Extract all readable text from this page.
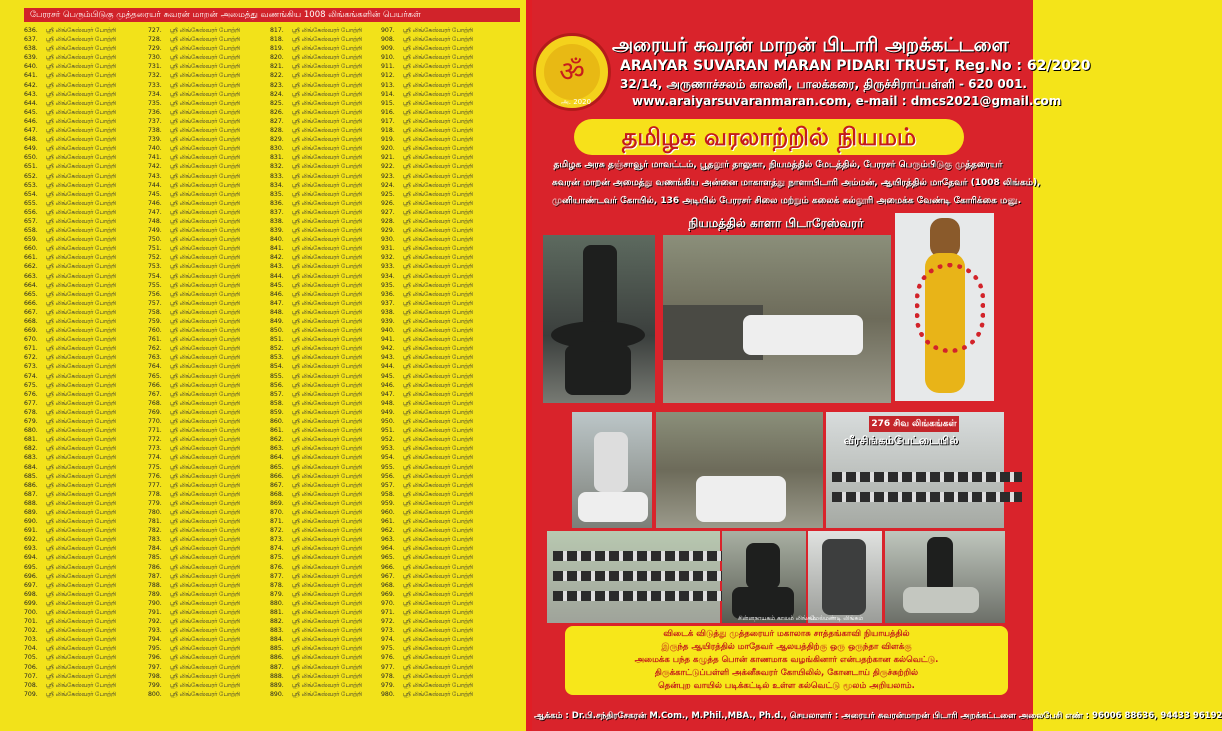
பேரரசர் பெரும்பிடுகு முத்தரையர் சுவரன் மாறன் அமைத்து வணங்கிய 1008 லிங்கங்களின் பெயர்கள்
636. ஸ்ரீ லிங்கேஸ்வரர் போற்றி
637. ஸ்ரீ லிங்கேஸ்வரர் போற்றி
638. ஸ்ரீ லிங்கேஸ்வரர் போற்றி
639. ஸ்ரீ லிங்கேஸ்வரர் போற்றி
640. ஸ்ரீ லிங்கேஸ்வரர் போற்றி
641. ஸ்ரீ லிங்கேஸ்வரர் போற்றி
642. ஸ்ரீ லிங்கேஸ்வரர் போற்றி
643. ஸ்ரீ லிங்கேஸ்வரர் போற்றி
644. ஸ்ரீ லிங்கேஸ்வரர் போற்றி
645. ஸ்ரீ லிங்கேஸ்வரர் போற்றி
646. ஸ்ரீ லிங்கேஸ்வரர் போற்றி
647. ஸ்ரீ லிங்கேஸ்வரர் போற்றி
648. ஸ்ரீ லிங்கேஸ்வரர் போற்றி
649. ஸ்ரீ லிங்கேஸ்வரர் போற்றி
650. ஸ்ரீ லிங்கேஸ்வரர் போற்றி
651. ஸ்ரீ லிங்கேஸ்வரர் போற்றி
652. ஸ்ரீ லிங்கேஸ்வரர் போற்றி
653. ஸ்ரீ லிங்கேஸ்வரர் போற்றி
654. ஸ்ரீ லிங்கேஸ்வரர் போற்றி
655. ஸ்ரீ லிங்கேஸ்வரர் போற்றி
656. ஸ்ரீ லிங்கேஸ்வரர் போற்றி
657. ஸ்ரீ லிங்கேஸ்வரர் போற்றி
658. ஸ்ரீ லிங்கேஸ்வரர் போற்றி
659. ஸ்ரீ லிங்கேஸ்வரர் போற்றி
660. ஸ்ரீ லிங்கேஸ்வரர் போற்றி
661. ஸ்ரீ லிங்கேஸ்வரர் போற்றி
662. ஸ்ரீ லிங்கேஸ்வரர் போற்றி
663. ஸ்ரீ லிங்கேஸ்வரர் போற்றி
664. ஸ்ரீ லிங்கேஸ்வரர் போற்றி
665. ஸ்ரீ லிங்கேஸ்வரர் போற்றி
666. ஸ்ரீ லிங்கேஸ்வரர் போற்றி
667. ஸ்ரீ லிங்கேஸ்வரர் போற்றி
668. ஸ்ரீ லிங்கேஸ்வரர் போற்றி
669. ஸ்ரீ லிங்கேஸ்வரர் போற்றி
670. ஸ்ரீ லிங்கேஸ்வரர் போற்றி
671. ஸ்ரீ லிங்கேஸ்வரர் போற்றி
672. ஸ்ரீ லிங்கேஸ்வரர் போற்றி
673. ஸ்ரீ லிங்கேஸ்வரர் போற்றி
674. ஸ்ரீ லிங்கேஸ்வரர் போற்றி
675. ஸ்ரீ லிங்கேஸ்வரர் போற்றி
676. ஸ்ரீ லிங்கேஸ்வரர் போற்றி
677. ஸ்ரீ லிங்கேஸ்வரர் போற்றி
678. ஸ்ரீ லிங்கேஸ்வரர் போற்றி
679. ஸ்ரீ லிங்கேஸ்வரர் போற்றி
680. ஸ்ரீ லிங்கேஸ்வரர் போற்றி
681. ஸ்ரீ லிங்கேஸ்வரர் போற்றி
682. ஸ்ரீ லிங்கேஸ்வரர் போற்றி
683. ஸ்ரீ லிங்கேஸ்வரர் போற்றி
684. ஸ்ரீ லிங்கேஸ்வரர் போற்றி
685. ஸ்ரீ லிங்கேஸ்வரர் போற்றி
686. ஸ்ரீ லிங்கேஸ்வரர் போற்றி
687. ஸ்ரீ லிங்கேஸ்வரர் போற்றி
688. ஸ்ரீ லிங்கேஸ்வரர் போற்றி
689. ஸ்ரீ லிங்கேஸ்வரர் போற்றி
690. ஸ்ரீ லிங்கேஸ்வரர் போற்றி
691. ஸ்ரீ லிங்கேஸ்வரர் போற்றி
692. ஸ்ரீ லிங்கேஸ்வரர் போற்றி
693. ஸ்ரீ லிங்கேஸ்வரர் போற்றி
694. ஸ்ரீ லிங்கேஸ்வரர் போற்றி
695. ஸ்ரீ லிங்கேஸ்வரர் போற்றி
696. ஸ்ரீ லிங்கேஸ்வரர் போற்றி
697. ஸ்ரீ லிங்கேஸ்வரர் போற்றி
698. ஸ்ரீ லிங்கேஸ்வரர் போற்றி
699. ஸ்ரீ லிங்கேஸ்வரர் போற்றி
700. ஸ்ரீ லிங்கேஸ்வரர் போற்றி
701. ஸ்ரீ லிங்கேஸ்வரர் போற்றி
702. ஸ்ரீ லிங்கேஸ்வரர் போற்றி
703. ஸ்ரீ லிங்கேஸ்வரர் போற்றி
704. ஸ்ரீ லிங்கேஸ்வரர் போற்றி
705. ஸ்ரீ லிங்கேஸ்வரர் போற்றி
706. ஸ்ரீ லிங்கேஸ்வரர் போற்றி
707. ஸ்ரீ லிங்கேஸ்வரர் போற்றி
708. ஸ்ரீ லிங்கேஸ்வரர் போற்றி
709. ஸ்ரீ லிங்கேஸ்வரர் போற்றி
727. ஸ்ரீ லிங்கேஸ்வரர் போற்றி
728. ஸ்ரீ லிங்கேஸ்வரர் போற்றி
729. ஸ்ரீ லிங்கேஸ்வரர் போற்றி
730. ஸ்ரீ லிங்கேஸ்வரர் போற்றி
731. ஸ்ரீ லிங்கேஸ்வரர் போற்றி
732. ஸ்ரீ லிங்கேஸ்வரர் போற்றி
733. ஸ்ரீ லிங்கேஸ்வரர் போற்றி
734. ஸ்ரீ லிங்கேஸ்வரர் போற்றி
735. ஸ்ரீ லிங்கேஸ்வரர் போற்றி
736. ஸ்ரீ லிங்கேஸ்வரர் போற்றி
737. ஸ்ரீ லிங்கேஸ்வரர் போற்றி
738. ஸ்ரீ லிங்கேஸ்வரர் போற்றி
739. ஸ்ரீ லிங்கேஸ்வரர் போற்றி
740. ஸ்ரீ லிங்கேஸ்வரர் போற்றி
741. ஸ்ரீ லிங்கேஸ்வரர் போற்றி
742. ஸ்ரீ லிங்கேஸ்வரர் போற்றி
743. ஸ்ரீ லிங்கேஸ்வரர் போற்றி
744. ஸ்ரீ லிங்கேஸ்வரர் போற்றி
745. ஸ்ரீ லிங்கேஸ்வரர் போற்றி
746. ஸ்ரீ லிங்கேஸ்வரர் போற்றி
747. ஸ்ரீ லிங்கேஸ்வரர் போற்றி
748. ஸ்ரீ லிங்கேஸ்வரர் போற்றி
749. ஸ்ரீ லிங்கேஸ்வரர் போற்றி
750. ஸ்ரீ லிங்கேஸ்வரர் போற்றி
751. ஸ்ரீ லிங்கேஸ்வரர் போற்றி
752. ஸ்ரீ லிங்கேஸ்வரர் போற்றி
753. ஸ்ரீ லிங்கேஸ்வரர் போற்றி
754. ஸ்ரீ லிங்கேஸ்வரர் போற்றி
755. ஸ்ரீ லிங்கேஸ்வரர் போற்றி
756. ஸ்ரீ லிங்கேஸ்வரர் போற்றி
757. ஸ்ரீ லிங்கேஸ்வரர் போற்றி
758. ஸ்ரீ லிங்கேஸ்வரர் போற்றி
759. ஸ்ரீ லிங்கேஸ்வரர் போற்றி
760. ஸ்ரீ லிங்கேஸ்வரர் போற்றி
761. ஸ்ரீ லிங்கேஸ்வரர் போற்றி
762. ஸ்ரீ லிங்கேஸ்வரர் போற்றி
763. ஸ்ரீ லிங்கேஸ்வரர் போற்றி
764. ஸ்ரீ லிங்கேஸ்வரர் போற்றி
765. ஸ்ரீ லிங்கேஸ்வரர் போற்றி
766. ஸ்ரீ லிங்கேஸ்வரர் போற்றி
767. ஸ்ரீ லிங்கேஸ்வரர் போற்றி
768. ஸ்ரீ லிங்கேஸ்வரர் போற்றி
769. ஸ்ரீ லிங்கேஸ்வரர் போற்றி
770. ஸ்ரீ லிங்கேஸ்வரர் போற்றி
771. ஸ்ரீ லிங்கேஸ்வரர் போற்றி
772. ஸ்ரீ லிங்கேஸ்வரர் போற்றி
773. ஸ்ரீ லிங்கேஸ்வரர் போற்றி
774. ஸ்ரீ லிங்கேஸ்வரர் போற்றி
775. ஸ்ரீ லிங்கேஸ்வரர் போற்றி
776. ஸ்ரீ லிங்கேஸ்வரர் போற்றி
777. ஸ்ரீ லிங்கேஸ்வரர் போற்றி
778. ஸ்ரீ லிங்கேஸ்வரர் போற்றி
779. ஸ்ரீ லிங்கேஸ்வரர் போற்றி
780. ஸ்ரீ லிங்கேஸ்வரர் போற்றி
781. ஸ்ரீ லிங்கேஸ்வரர் போற்றி
782. ஸ்ரீ லிங்கேஸ்வரர் போற்றி
783. ஸ்ரீ லிங்கேஸ்வரர் போற்றி
784. ஸ்ரீ லிங்கேஸ்வரர் போற்றி
785. ஸ்ரீ லிங்கேஸ்வரர் போற்றி
786. ஸ்ரீ லிங்கேஸ்வரர் போற்றி
787. ஸ்ரீ லிங்கேஸ்வரர் போற்றி
788. ஸ்ரீ லிங்கேஸ்வரர் போற்றி
789. ஸ்ரீ லிங்கேஸ்வரர் போற்றி
790. ஸ்ரீ லிங்கேஸ்வரர் போற்றி
791. ஸ்ரீ லிங்கேஸ்வரர் போற்றி
792. ஸ்ரீ லிங்கேஸ்வரர் போற்றி
793. ஸ்ரீ லிங்கேஸ்வரர் போற்றி
794. ஸ்ரீ லிங்கேஸ்வரர் போற்றி
795. ஸ்ரீ லிங்கேஸ்வரர் போற்றி
796. ஸ்ரீ லிங்கேஸ்வரர் போற்றி
797. ஸ்ரீ லிங்கேஸ்வரர் போற்றி
798. ஸ்ரீ லிங்கேஸ்வரர் போற்றி
799. ஸ்ரீ லிங்கேஸ்வரர் போற்றி
800. ஸ்ரீ லிங்கேஸ்வரர் போற்றி
817. ஸ்ரீ லிங்கேஸ்வரர் போற்றி
818. ஸ்ரீ லிங்கேஸ்வரர் போற்றி
819. ஸ்ரீ லிங்கேஸ்வரர் போற்றி
820. ஸ்ரீ லிங்கேஸ்வரர் போற்றி
821. ஸ்ரீ லிங்கேஸ்வரர் போற்றி
822. ஸ்ரீ லிங்கேஸ்வரர் போற்றி
823. ஸ்ரீ லிங்கேஸ்வரர் போற்றி
824. ஸ்ரீ லிங்கேஸ்வரர் போற்றி
825. ஸ்ரீ லிங்கேஸ்வரர் போற்றி
826. ஸ்ரீ லிங்கேஸ்வரர் போற்றி
827. ஸ்ரீ லிங்கேஸ்வரர் போற்றி
828. ஸ்ரீ லிங்கேஸ்வரர் போற்றி
829. ஸ்ரீ லிங்கேஸ்வரர் போற்றி
830. ஸ்ரீ லிங்கேஸ்வரர் போற்றி
831. ஸ்ரீ லிங்கேஸ்வரர் போற்றி
832. ஸ்ரீ லிங்கேஸ்வரர் போற்றி
833. ஸ்ரீ லிங்கேஸ்வரர் போற்றி
834. ஸ்ரீ லிங்கேஸ்வரர் போற்றி
835. ஸ்ரீ லிங்கேஸ்வரர் போற்றி
836. ஸ்ரீ லிங்கேஸ்வரர் போற்றி
837. ஸ்ரீ லிங்கேஸ்வரர் போற்றி
838. ஸ்ரீ லிங்கேஸ்வரர் போற்றி
839. ஸ்ரீ லிங்கேஸ்வரர் போற்றி
840. ஸ்ரீ லிங்கேஸ்வரர் போற்றி
841. ஸ்ரீ லிங்கேஸ்வரர் போற்றி
842. ஸ்ரீ லிங்கேஸ்வரர் போற்றி
843. ஸ்ரீ லிங்கேஸ்வரர் போற்றி
844. ஸ்ரீ லிங்கேஸ்வரர் போற்றி
845. ஸ்ரீ லிங்கேஸ்வரர் போற்றி
846. ஸ்ரீ லிங்கேஸ்வரர் போற்றி
847. ஸ்ரீ லிங்கேஸ்வரர் போற்றி
848. ஸ்ரீ லிங்கேஸ்வரர் போற்றி
849. ஸ்ரீ லிங்கேஸ்வரர் போற்றி
850. ஸ்ரீ லிங்கேஸ்வரர் போற்றி
851. ஸ்ரீ லிங்கேஸ்வரர் போற்றி
852. ஸ்ரீ லிங்கேஸ்வரர் போற்றி
853. ஸ்ரீ லிங்கேஸ்வரர் போற்றி
854. ஸ்ரீ லிங்கேஸ்வரர் போற்றி
855. ஸ்ரீ லிங்கேஸ்வரர் போற்றி
856. ஸ்ரீ லிங்கேஸ்வரர் போற்றி
857. ஸ்ரீ லிங்கேஸ்வரர் போற்றி
858. ஸ்ரீ லிங்கேஸ்வரர் போற்றி
859. ஸ்ரீ லிங்கேஸ்வரர் போற்றி
860. ஸ்ரீ லிங்கேஸ்வரர் போற்றி
861. ஸ்ரீ லிங்கேஸ்வரர் போற்றி
862. ஸ்ரீ லிங்கேஸ்வரர் போற்றி
863. ஸ்ரீ லிங்கேஸ்வரர் போற்றி
864. ஸ்ரீ லிங்கேஸ்வரர் போற்றி
865. ஸ்ரீ லிங்கேஸ்வரர் போற்றி
866. ஸ்ரீ லிங்கேஸ்வரர் போற்றி
867. ஸ்ரீ லிங்கேஸ்வரர் போற்றி
868. ஸ்ரீ லிங்கேஸ்வரர் போற்றி
869. ஸ்ரீ லிங்கேஸ்வரர் போற்றி
870. ஸ்ரீ லிங்கேஸ்வரர் போற்றி
871. ஸ்ரீ லிங்கேஸ்வரர் போற்றி
872. ஸ்ரீ லிங்கேஸ்வரர் போற்றி
873. ஸ்ரீ லிங்கேஸ்வரர் போற்றி
874. ஸ்ரீ லிங்கேஸ்வரர் போற்றி
875. ஸ்ரீ லிங்கேஸ்வரர் போற்றி
876. ஸ்ரீ லிங்கேஸ்வரர் போற்றி
877. ஸ்ரீ லிங்கேஸ்வரர் போற்றி
878. ஸ்ரீ லிங்கேஸ்வரர் போற்றி
879. ஸ்ரீ லிங்கேஸ்வரர் போற்றி
880. ஸ்ரீ லிங்கேஸ்வரர் போற்றி
881. ஸ்ரீ லிங்கேஸ்வரர் போற்றி
882. ஸ்ரீ லிங்கேஸ்வரர் போற்றி
883. ஸ்ரீ லிங்கேஸ்வரர் போற்றி
884. ஸ்ரீ லிங்கேஸ்வரர் போற்றி
885. ஸ்ரீ லிங்கேஸ்வரர் போற்றி
886. ஸ்ரீ லிங்கேஸ்வரர் போற்றி
887. ஸ்ரீ லிங்கேஸ்வரர் போற்றி
888. ஸ்ரீ லிங்கேஸ்வரர் போற்றி
889. ஸ்ரீ லிங்கேஸ்வரர் போற்றி
890. ஸ்ரீ லிங்கேஸ்வரர் போற்றி
907. ஸ்ரீ லிங்கேஸ்வரர் போற்றி
908. ஸ்ரீ லிங்கேஸ்வரர் போற்றி
909. ஸ்ரீ லிங்கேஸ்வரர் போற்றி
910. ஸ்ரீ லிங்கேஸ்வரர் போற்றி
911. ஸ்ரீ லிங்கேஸ்வரர் போற்றி
912. ஸ்ரீ லிங்கேஸ்வரர் போற்றி
913. ஸ்ரீ லிங்கேஸ்வரர் போற்றி
914. ஸ்ரீ லிங்கேஸ்வரர் போற்றி
915. ஸ்ரீ லிங்கேஸ்வரர் போற்றி
916. ஸ்ரீ லிங்கேஸ்வரர் போற்றி
917. ஸ்ரீ லிங்கேஸ்வரர் போற்றி
918. ஸ்ரீ லிங்கேஸ்வரர் போற்றி
919. ஸ்ரீ லிங்கேஸ்வரர் போற்றி
920. ஸ்ரீ லிங்கேஸ்வரர் போற்றி
921. ஸ்ரீ லிங்கேஸ்வரர் போற்றி
922. ஸ்ரீ லிங்கேஸ்வரர் போற்றி
923. ஸ்ரீ லிங்கேஸ்வரர் போற்றி
924. ஸ்ரீ லிங்கேஸ்வரர் போற்றி
925. ஸ்ரீ லிங்கேஸ்வரர் போற்றி
926. ஸ்ரீ லிங்கேஸ்வரர் போற்றி
927. ஸ்ரீ லிங்கேஸ்வரர் போற்றி
928. ஸ்ரீ லிங்கேஸ்வரர் போற்றி
929. ஸ்ரீ லிங்கேஸ்வரர் போற்றி
930. ஸ்ரீ லிங்கேஸ்வரர் போற்றி
931. ஸ்ரீ லிங்கேஸ்வரர் போற்றி
932. ஸ்ரீ லிங்கேஸ்வரர் போற்றி
933. ஸ்ரீ லிங்கேஸ்வரர் போற்றி
934. ஸ்ரீ லிங்கேஸ்வரர் போற்றி
935. ஸ்ரீ லிங்கேஸ்வரர் போற்றி
936. ஸ்ரீ லிங்கேஸ்வரர் போற்றி
937. ஸ்ரீ லிங்கேஸ்வரர் போற்றி
938. ஸ்ரீ லிங்கேஸ்வரர் போற்றி
939. ஸ்ரீ லிங்கேஸ்வரர் போற்றி
940. ஸ்ரீ லிங்கேஸ்வரர் போற்றி
941. ஸ்ரீ லிங்கேஸ்வரர் போற்றி
942. ஸ்ரீ லிங்கேஸ்வரர் போற்றி
943. ஸ்ரீ லிங்கேஸ்வரர் போற்றி
944. ஸ்ரீ லிங்கேஸ்வரர் போற்றி
945. ஸ்ரீ லிங்கேஸ்வரர் போற்றி
946. ஸ்ரீ லிங்கேஸ்வரர் போற்றி
947. ஸ்ரீ லிங்கேஸ்வரர் போற்றி
948. ஸ்ரீ லிங்கேஸ்வரர் போற்றி
949. ஸ்ரீ லிங்கேஸ்வரர் போற்றி
950. ஸ்ரீ லிங்கேஸ்வரர் போற்றி
951. ஸ்ரீ லிங்கேஸ்வரர் போற்றி
952. ஸ்ரீ லிங்கேஸ்வரர் போற்றி
953. ஸ்ரீ லிங்கேஸ்வரர் போற்றி
954. ஸ்ரீ லிங்கேஸ்வரர் போற்றி
955. ஸ்ரீ லிங்கேஸ்வரர் போற்றி
956. ஸ்ரீ லிங்கேஸ்வரர் போற்றி
957. ஸ்ரீ லிங்கேஸ்வரர் போற்றி
958. ஸ்ரீ லிங்கேஸ்வரர் போற்றி
959. ஸ்ரீ லிங்கேஸ்வரர் போற்றி
960. ஸ்ரீ லிங்கேஸ்வரர் போற்றி
961. ஸ்ரீ லிங்கேஸ்வரர் போற்றி
962. ஸ்ரீ லிங்கேஸ்வரர் போற்றி
963. ஸ்ரீ லிங்கேஸ்வரர் போற்றி
964. ஸ்ரீ லிங்கேஸ்வரர் போற்றி
965. ஸ்ரீ லிங்கேஸ்வரர் போற்றி
966. ஸ்ரீ லிங்கேஸ்வரர் போற்றி
967. ஸ்ரீ லிங்கேஸ்வரர் போற்றி
968. ஸ்ரீ லிங்கேஸ்வரர் போற்றி
969. ஸ்ரீ லிங்கேஸ்வரர் போற்றி
970. ஸ்ரீ லிங்கேஸ்வரர் போற்றி
971. ஸ்ரீ லிங்கேஸ்வரர் போற்றி
972. ஸ்ரீ லிங்கேஸ்வரர் போற்றி
973. ஸ்ரீ லிங்கேஸ்வரர் போற்றி
974. ஸ்ரீ லிங்கேஸ்வரர் போற்றி
975. ஸ்ரீ லிங்கேஸ்வரர் போற்றி
976. ஸ்ரீ லிங்கேஸ்வரர் போற்றி
977. ஸ்ரீ லிங்கேஸ்வரர் போற்றி
978. ஸ்ரீ லிங்கேஸ்வரர் போற்றி
979. ஸ்ரீ லிங்கேஸ்வரர் போற்றி
980. ஸ்ரீ லிங்கேஸ்வரர் போற்றி
ॐ
அ. 2020
அரையர் சுவரன் மாறன் பிடாரி அறக்கட்டளை
ARAIYAR SUVARAN MARAN PIDARI TRUST, Reg.No : 62/2020
32/14, அருணாச்சலம் காலனி, பாலக்கரை, திருச்சிராப்பள்ளி - 620 001.
www.araiyarsuvaranmaran.com, e-mail : dmcs2021@gmail.com
தமிழக வரலாற்றில் நியமம்
தமிழக அரசு தஞ்சாவூர் மாவட்டம், பூதலூர் தாலுகா, நியமத்தில் மேடத்தில், பேரரசர் பெரும்பிடுகு முத்தரையர்
சுவரன் மாறன் அமைத்து வணங்கிய அன்னை மாகாளத்து நாளாபிடாரி அம்மன், ஆயிரத்தில் மாதேவர் (1008 லிங்கம்),
முனியாண்டவர் கோயில், 136 அடியில் பேரரசர் சிலை மற்றும் கலைக் கல்லூரி அமைக்க வேண்டி கோரிக்கை மனு.
நியமத்தில் காளா பிடாரேஸ்வரர்
276 சிவ லிங்கங்கள்
வீரசிங்கம்பேட்டையில்
சின்னநாயகம் காலம் லிங்கம்
மேல்மண்டி லிங்கம்
விடைக் விடுத்து முத்தரையர் மகாலாசு சாத்தங்காவி நியாயத்தில்
இருந்த ஆயிரத்தில் மாதேவர் ஆலயத்திற்கு ஒரு ஒருந்தா விளக்கு
அமைக்க பந்த கழுத்த பொன் காணமாக வழங்கினார் என்பதற்கான கல்வெட்டு.
திருக்காட்டுப்பள்ளி அக்னீசுவரர் கோயிலில், கோனடாய் திருச்சுற்றில்
தென்புற வாயில் படிக்கட்டில் உள்ள கல்வெட்டு மூலம் அறியலாம்.
ஆக்கம் : Dr.பி.சந்திரசேகரன் M.Com., M.Phil.,MBA., Ph.d., செயலாளர் : அரையர் சுவரன்மாறன் பிடாரி அறக்கட்டளை அலைபேசி எண் : 96006 88636, 94433 96192
